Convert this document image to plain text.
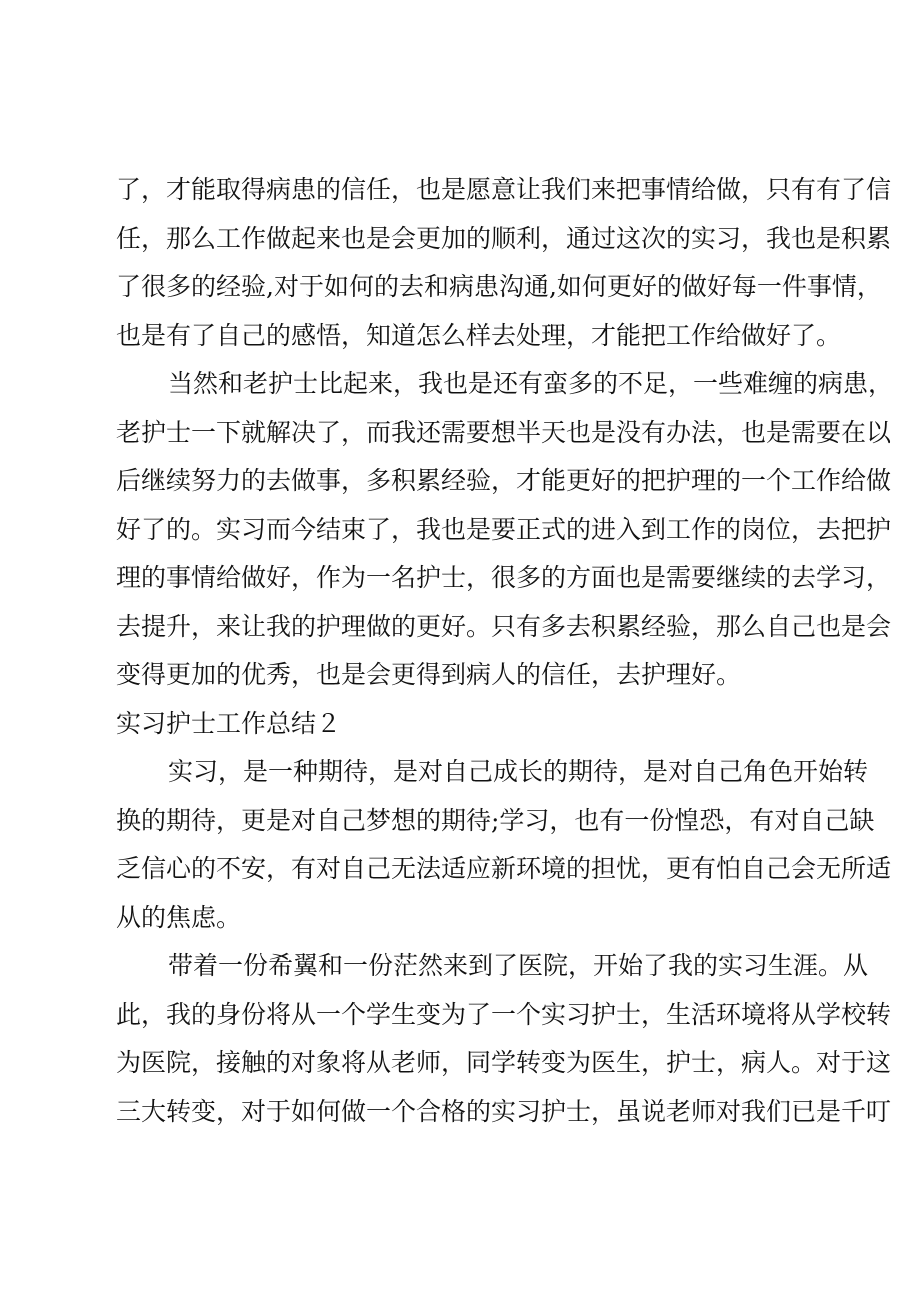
了，才能取得病患的信任，也是愿意让我们来把事情给做，只有有了信
任，那么工作做起来也是会更加的顺利，通过这次的实习，我也是积累
了很多的经验,对于如何的去和病患沟通,如何更好的做好每一件事情，
也是有了自己的感悟，知道怎么样去处理，才能把工作给做好了。
当然和老护士比起来，我也是还有蛮多的不足，一些难缠的病患，
老护士一下就解决了，而我还需要想半天也是没有办法，也是需要在以
后继续努力的去做事，多积累经验，才能更好的把护理的一个工作给做
好了的。实习而今结束了，我也是要正式的进入到工作的岗位，去把护
理的事情给做好，作为一名护士，很多的方面也是需要继续的去学习，
去提升，来让我的护理做的更好。只有多去积累经验，那么自己也是会
变得更加的优秀，也是会更得到病人的信任，去护理好。
实习护士工作总结２
实习，是一种期待，是对自己成长的期待，是对自己角色开始转
换的期待，更是对自己梦想的期待;学习，也有一份惶恐，有对自己缺
乏信心的不安，有对自己无法适应新环境的担忧，更有怕自己会无所适
从的焦虑。
带着一份希翼和一份茫然来到了医院，开始了我的实习生涯。从
此，我的身份将从一个学生变为了一个实习护士，生活环境将从学校转
为医院，接触的对象将从老师，同学转变为医生，护士，病人。对于这
三大转变，对于如何做一个合格的实习护士，虽说老师对我们已是千叮
